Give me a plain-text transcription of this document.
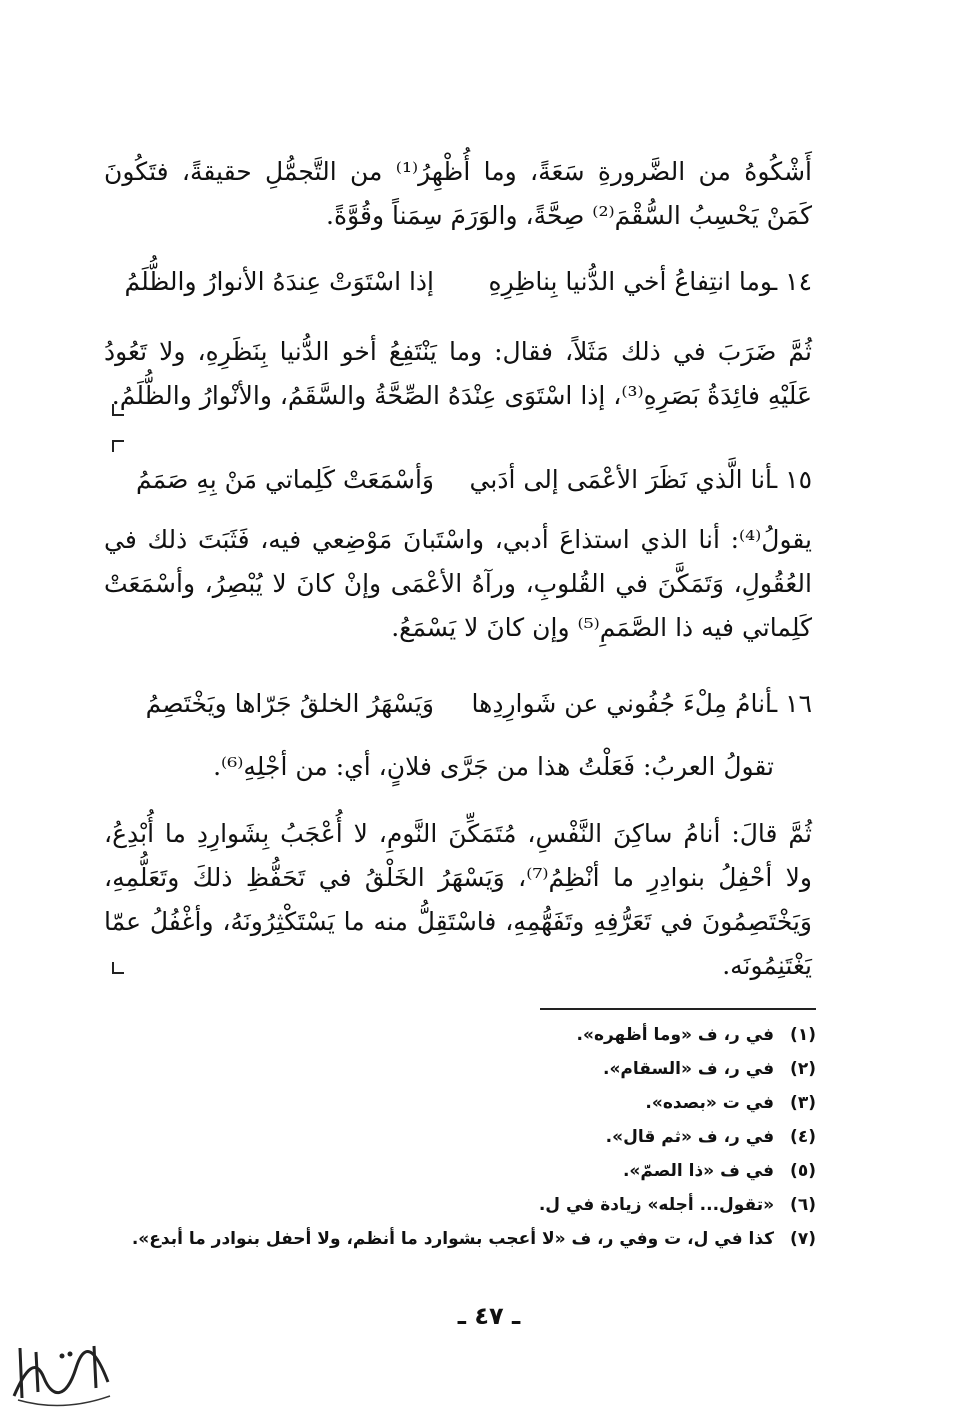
أَشْكُوهُ من الضَّرورةِ سَعَةً، وما أُظْهِرُ⁽¹⁾ من التَّجمُّلِ حقيقةً، فتَكُونَ كَمَنْ يَحْسِبُ السُّقْمَ⁽²⁾ صِحَّةً، والوَرَمَ سِمَناً وقُوَّةً.
١٤ ـوما انتِفاعُ أخي الدُّنيا بِناظِرِهِإذا اسْتَوَتْ عِندَهُ الأنوارُ والظُّلَمُ
ثُمَّ ضَرَبَ في ذلك مَثَلاً، فقال: وما يَنْتَفِعُ أخو الدُّنيا بِنَظَرِهِ، ولا تَعُودُ عَلَيْهِ فائِدَةُ بَصَرِهِ⁽³⁾، إذا اسْتَوَى عِنْدَهُ الصِّحَّةُ والسَّقَمُ، والأنْوارُ والظُّلَمُ.
١٥ ـأنا الَّذي نَظَرَ الأعْمَى إلى أدَبيوَأسْمَعَتْ كَلِماتي مَنْ بِهِ صَمَمُ
يقولُ⁽⁴⁾: أنا الذي استذاعَ أدبي، واسْتَبانَ مَوْضِعي فيه، فَثَبَتَ ذلك في العُقُولِ، وَتَمَكَّنَ في القُلوبِ، ورآهُ الأعْمَى وإنْ كانَ لا يُبْصِرُ، وأسْمَعَتْ كَلِماتي فيه ذا الصَّمَمِ⁽⁵⁾ وإن كانَ لا يَسْمَعُ.
١٦ ـأنامُ مِلْءَ جُفُوني عن شَوارِدِهاوَيَسْهَرُ الخلقُ جَرّاها ويَخْتَصِمُ
تقولُ العربُ: فَعَلْتُ هذا من جَرَّى فلانٍ، أي: من أجْلِهِ⁽⁶⁾.
ثُمَّ قالَ: أنامُ ساكِنَ النَّفْسِ، مُتَمَكِّنَ النَّومِ، لا أُعْجَبُ بِشَوارِدِ ما أُبْدِعُ، ولا أحْفِلُ بنوادِرِ ما أنْظِمُ⁽⁷⁾، وَيَسْهَرُ الخَلْقُ في تَحَفُّظِ ذلكَ وتَعَلُّمِهِ، وَيَخْتَصِمُونَ في تَعَرُّفِهِ وتَفَهُّمِهِ، فاسْتَقِلُّ منه ما يَسْتَكْثِرُونَهُ، وأغْفُلُ عمّا يَغْتَنِمُونَه.
(١) في ر، ف «وما أظهره».
(٢) في ر، ف «السقام».
(٣) في ت «بصده».
(٤) في ر، ف «ثم قال».
(٥) في ف «ذا الصمّ».
(٦) «تقول... أجله» زيادة في ل.
(٧) كذا في ل، ت وفي ر، ف «لا أعجب بشوارد ما أنظم، ولا أحفل بنوادر ما أبدع».
ـ ٤٧ ـ
